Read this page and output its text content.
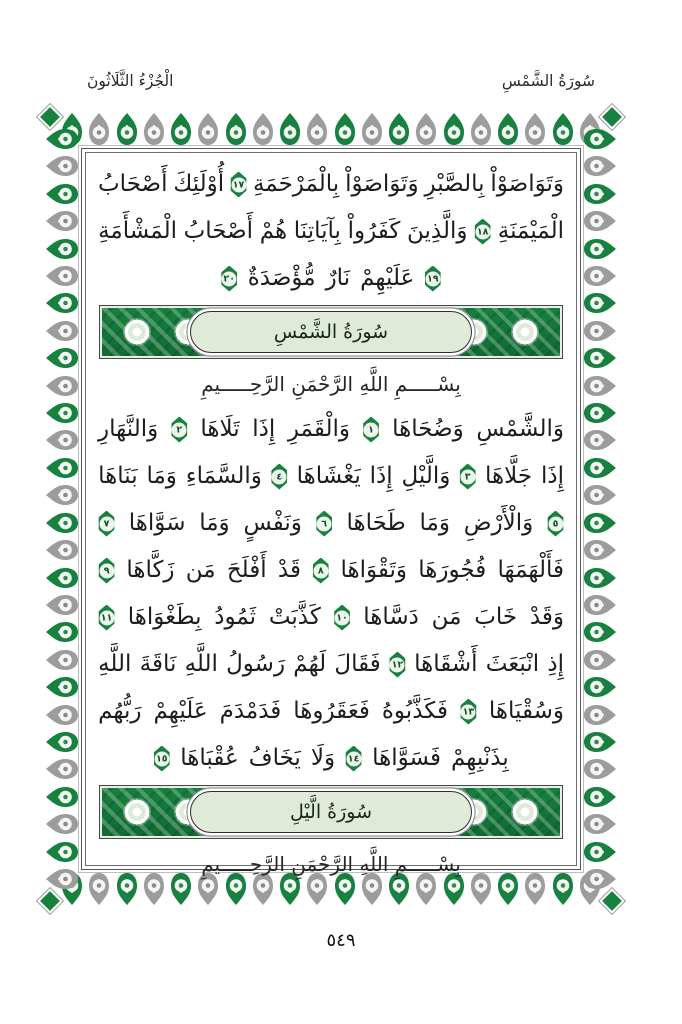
الْجُزْءُ الثَّلَاثُونَ	سُورَةُ الشَّمْسِ
وَتَوَاصَوْاْ
بِالصَّبْرِ
وَتَوَاصَوْاْ
بِالْمَرْحَمَةِ
١٧
أُوْلَئِكَ
أَصْحَابُ
الْمَيْمَنَةِ
١٨
وَالَّذِينَ
كَفَرُواْ
بِآيَاتِنَا
هُمْ
أَصْحَابُ
الْمَشْأَمَةِ
١٩
عَلَيْهِمْ
نَارٌ
مُّؤْصَدَةٌ
٢٠
سُورَةُ الشَّمْسِ
بِسْـــــمِ اللَّهِ الرَّحْمَنِ الرَّحِـــــيمِ
وَالشَّمْسِ
وَضُحَاهَا
١
وَالْقَمَرِ
إِذَا
تَلَاهَا
٢
وَالنَّهَارِ
إِذَا
جَلَّاهَا
٣
وَالَّيْلِ
إِذَا
يَغْشَاهَا
٤
وَالسَّمَاءِ
وَمَا
بَنَاهَا
٥
وَالْأَرْضِ
وَمَا
طَحَاهَا
٦
وَنَفْسٍ
وَمَا
سَوَّاهَا
٧
فَأَلْهَمَهَا
فُجُورَهَا
وَتَقْوَاهَا
٨
قَدْ
أَفْلَحَ
مَن
زَكَّاهَا
٩
وَقَدْ
خَابَ
مَن
دَسَّاهَا
١٠
كَذَّبَتْ
ثَمُودُ
بِطَغْوَاهَا
١١
إِذِ
انْبَعَثَ
أَشْقَاهَا
١٢
فَقَالَ
لَهُمْ
رَسُولُ
اللَّهِ
نَاقَةَ
اللَّهِ
وَسُقْيَاهَا
١٣
فَكَذَّبُوهُ
فَعَقَرُوهَا
فَدَمْدَمَ
عَلَيْهِمْ
رَبُّهُم
بِذَنْبِهِمْ
فَسَوَّاهَا
١٤
وَلَا
يَخَافُ
عُقْبَاهَا
١٥
سُورَةُ الَّيْلِ
بِسْـــــمِ اللَّهِ الرَّحْمَنِ الرَّحِـــــيمِ
٥٤٩
